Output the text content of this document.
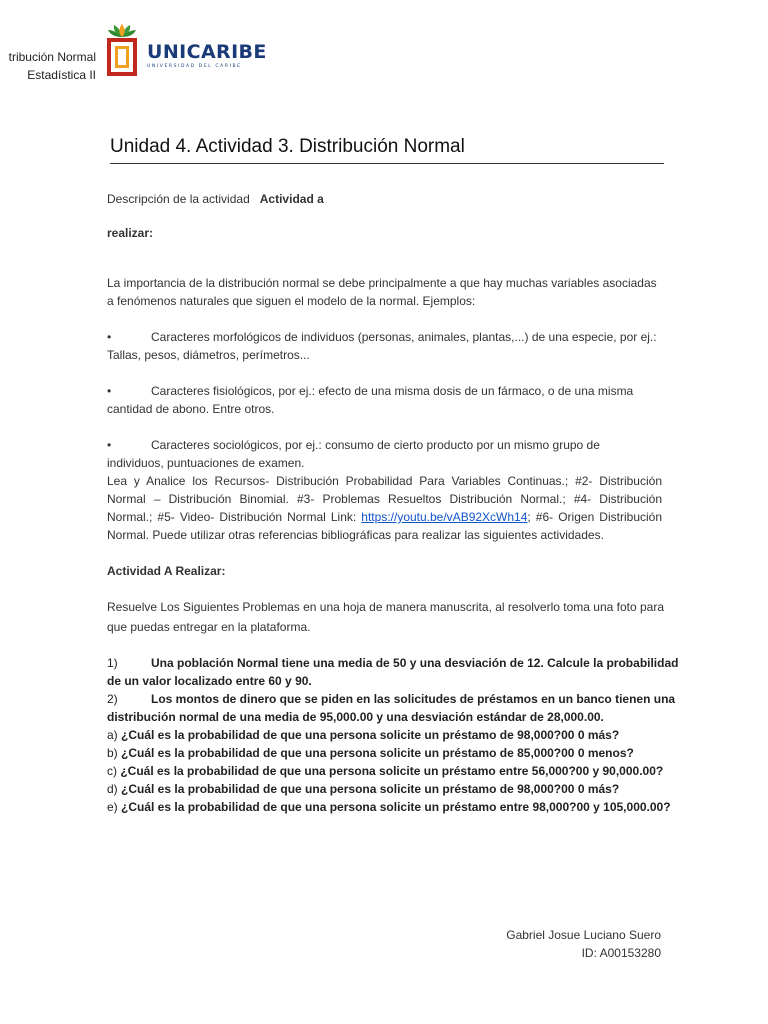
tribución Normal
Estadística II
UNICARIBE
UNIVERSIDAD DEL CARIBE
Unidad 4. Actividad 3. Distribución Normal
Descripción de la actividad Actividad a
realizar:
La importancia de la distribución normal se debe principalmente a que hay muchas variables asociadas
a fenómenos naturales que siguen el modelo de la normal. Ejemplos:
•	Caracteres morfológicos de individuos (personas, animales, plantas,...) de una especie, por ej.:
Tallas, pesos, diámetros, perímetros...
•	Caracteres fisiológicos, por ej.: efecto de una misma dosis de un fármaco, o de una misma
cantidad de abono. Entre otros.
•	Caracteres sociológicos, por ej.: consumo de cierto producto por un mismo grupo de
individuos, puntuaciones de examen.
Lea y Analice los Recursos- Distribución Probabilidad Para Variables Continuas.; #2- Distribución Normal – Distribución Binomial. #3- Problemas Resueltos Distribución Normal.; #4- Distribución Normal.; #5- Video- Distribución Normal Link: https://youtu.be/vAB92XcWh14; #6- Origen Distribución Normal. Puede utilizar otras referencias bibliográficas para realizar las siguientes actividades.
Actividad A Realizar:
Resuelve Los Siguientes Problemas en una hoja de manera manuscrita, al resolverlo toma una foto para
que puedas entregar en la plataforma.
1)	Una población Normal tiene una media de 50 y una desviación de 12. Calcule la probabilidad
de un valor localizado entre 60 y 90.
2)	Los montos de dinero que se piden en las solicitudes de préstamos en un banco tienen una
distribución normal de una media de 95,000.00 y una desviación estándar de 28,000.00.
a) ¿Cuál es la probabilidad de que una persona solicite un préstamo de 98,000?00 0 más?
b) ¿Cuál es la probabilidad de que una persona solicite un préstamo de 85,000?00 0 menos?
c) ¿Cuál es la probabilidad de que una persona solicite un préstamo entre 56,000?00 y 90,000.00?
d) ¿Cuál es la probabilidad de que una persona solicite un préstamo de 98,000?00 0 más?
e) ¿Cuál es la probabilidad de que una persona solicite un préstamo entre 98,000?00 y 105,000.00?
Gabriel Josue Luciano Suero
ID: A00153280
